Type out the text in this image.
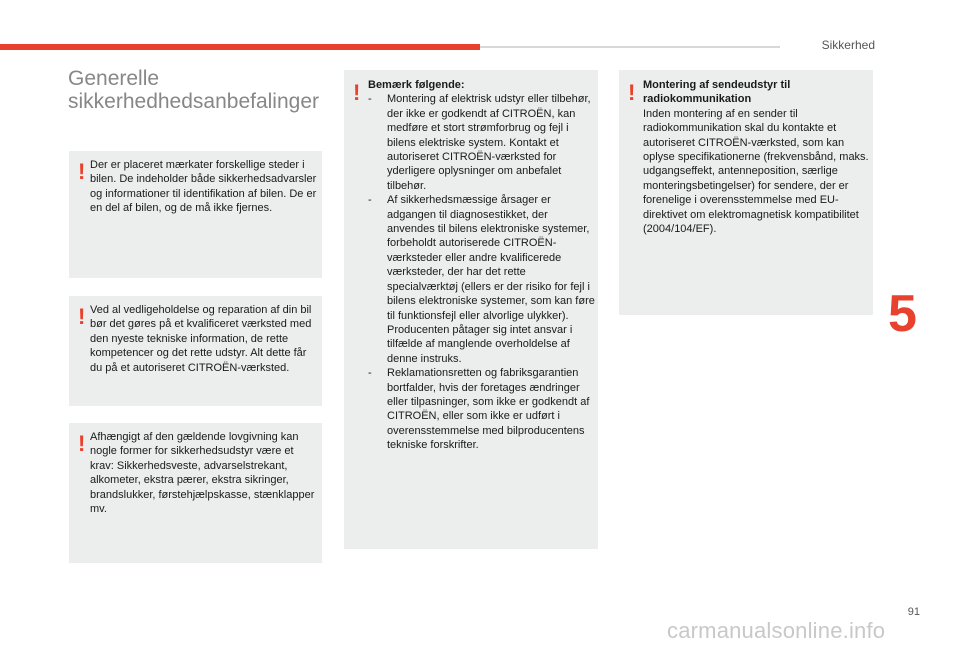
Sikkerhed
5
Generelle sikkerhedhedsanbefalinger
! Der er placeret mærkater forskellige steder i bilen. De indeholder både sikkerhedsadvarsler og informationer til identifikation af bilen. De er en del af bilen, og de må ikke fjernes.

! Ved al vedligeholdelse og reparation af din bil bør det gøres på et kvalificeret værksted med den nyeste tekniske information, de rette kompetencer og det rette udstyr. Alt dette får du på et autoriseret CITROËN-værksted.

! Afhængigt af den gældende lovgivning kan nogle former for sikkerhedsudstyr være et krav: Sikkerhedsveste, advarselstrekant, alkometer, ekstra pærer, ekstra sikringer, brandslukker, førstehjælpskasse, stænklapper mv.

! Bemærk følgende:

- Montering af elektrisk udstyr eller tilbehør, der ikke er godkendt af CITROËN, kan medføre et stort strømforbrug og fejl i bilens elektriske system. Kontakt et autoriseret CITROËN-værksted for yderligere oplysninger om anbefalet tilbehør.
- Af sikkerhedsmæssige årsager er adgangen til diagnosestikket, der anvendes til bilens elektroniske systemer, forbeholdt autoriserede CITROËN-værksteder eller andre kvalificerede værksteder, der har det rette specialværktøj (ellers er der risiko for fejl i bilens elektroniske systemer, som kan føre til funktionsfejl eller alvorlige ulykker). Producenten påtager sig intet ansvar i tilfælde af manglende overholdelse af denne instruks.
- Reklamationsretten og fabriksgarantien bortfalder, hvis der foretages ændringer eller tilpasninger, som ikke er godkendt af CITROËN, eller som ikke er udført i overensstemmelse med bilproducentens tekniske forskrifter.
! Montering af sendeudstyr til radiokommunikation

Inden montering af en sender til radiokommunikation skal du kontakte et autoriseret CITROËN-værksted, som kan oplyse specifikationerne (frekvensbånd, maks. udgangseffekt, antenneposition, særlige monteringsbetingelser) for sendere, der er forenelige i overensstemmelse med EU-direktivet om elektromagnetisk kompatibilitet (2004/104/EF).

91
carmanualsonline.info
